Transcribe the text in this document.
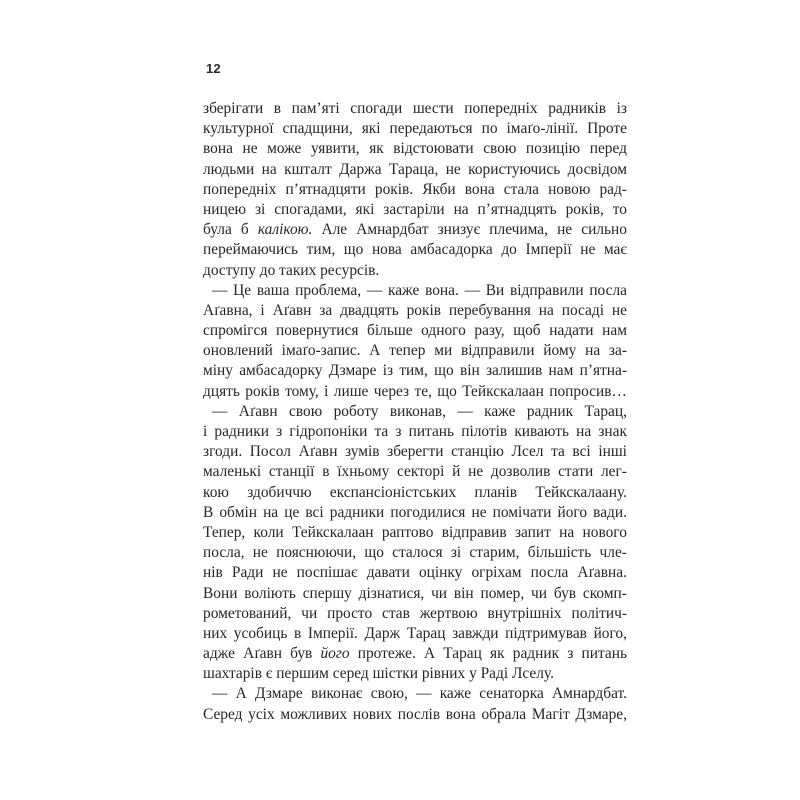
12
зберігати в пам’яті спогади шести попередніх радників із
культурної спадщини, які передаються по імаґо-лінії. Проте
вона не може уявити, як відстоювати свою позицію перед
людьми на кшталт Даржа Тараца, не користуючись досвідом
попередніх п’ятнадцяти років. Якби вона стала новою рад-
ницею зі спогадами, які застаріли на п’ятнадцять років, то
була б калікою. Але Амнардбат знизує плечима, не сильно
переймаючись тим, що нова амбасадорка до Імперії не має
доступу до таких ресурсів.
— Це ваша проблема, — каже вона. — Ви відправили посла
Аґавна, і Аґавн за двадцять років перебування на посаді не
спромігся повернутися більше одного разу, щоб надати нам
оновлений імаґо-запис. А тепер ми відправили йому на за-
міну амбасадорку Дзмаре із тим, що він залишив нам п’ятна-
дцять років тому, і лише через те, що Тейкскалаан попросив…
— Аґавн свою роботу виконав, — каже радник Тарац,
і радники з гідропоніки та з питань пілотів кивають на знак
згоди. Посол Аґавн зумів зберегти станцію Лсел та всі інші
маленькі станції в їхньому секторі й не дозволив стати лег-
кою здобиччю експансіоністських планів Тейкскалаану.
В обмін на це всі радники погодилися не помічати його вади.
Тепер, коли Тейкскалаан раптово відправив запит на нового
посла, не пояснюючи, що сталося зі старим, більшість чле-
нів Ради не поспішає давати оцінку огріхам посла Аґавна.
Вони воліють спершу дізнатися, чи він помер, чи був скомп-
рометований, чи просто став жертвою внутрішніх політич-
них усобиць в Імперії. Дарж Тарац завжди підтримував його,
адже Аґавн був його протеже. А Тарац як радник з питань
шахтарів є першим серед шістки рівних у Раді Лселу.
— А Дзмаре виконає свою, — каже сенаторка Амнардбат.
Серед усіх можливих нових послів вона обрала Магіт Дзмаре,
